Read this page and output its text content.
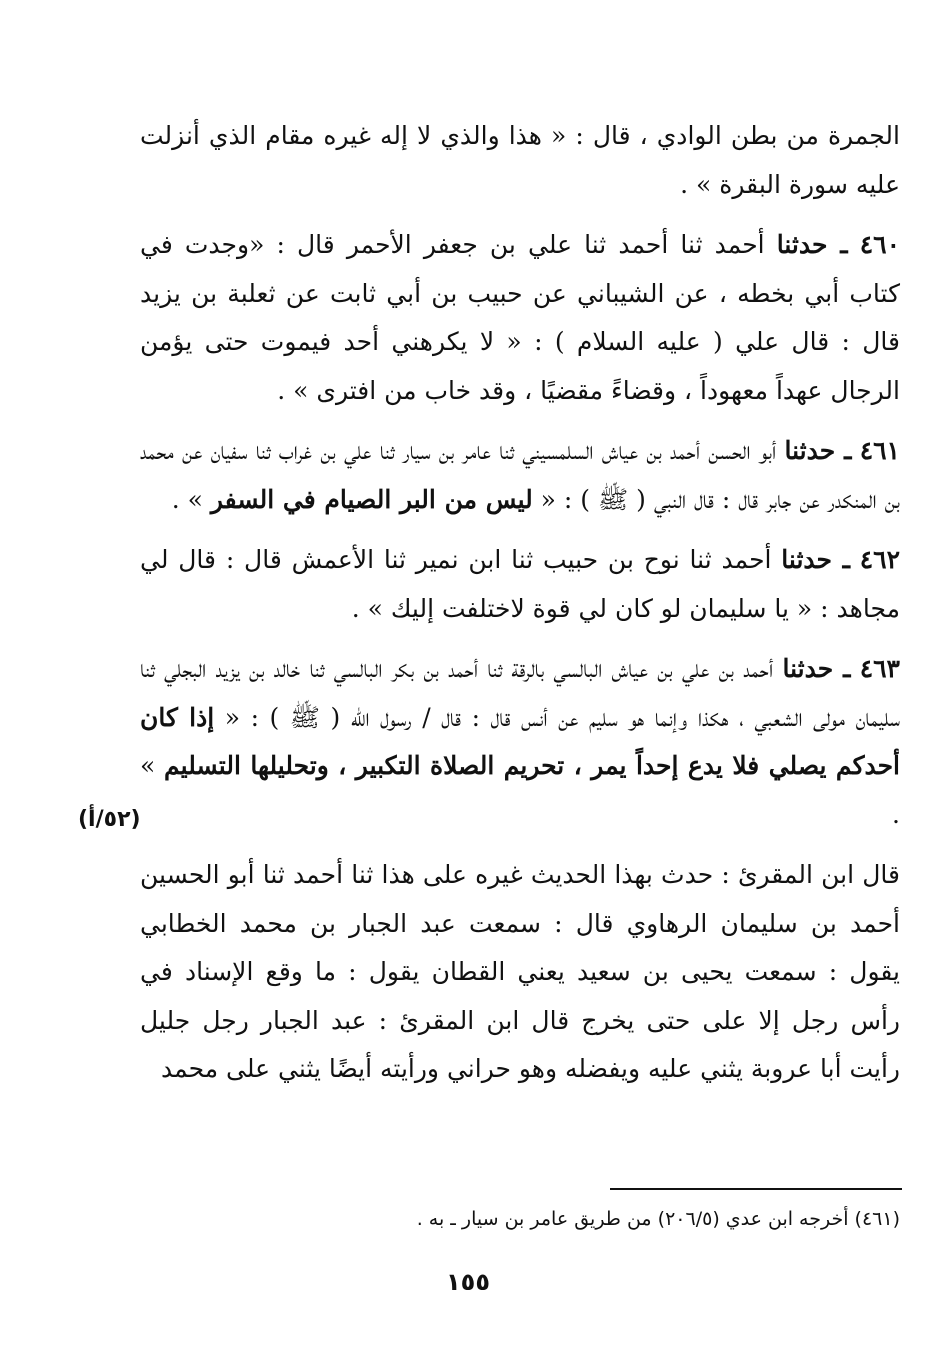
الجمرة من بطن الوادي ، قال : « هذا والذي لا إله غيره مقام الذي أنزلت عليه سورة البقرة » .

٤٦٠ ـ حدثنا أحمد ثنا أحمد ثنا علي بن جعفر الأحمر قال : «وجدت في كتاب أبي بخطه ، عن الشيباني عن حبيب بن أبي ثابت عن ثعلبة بن يزيد قال : قال علي ( عليه السلام ) : « لا يكرهني أحد فيموت حتى يؤمن الرجال عهداً معهوداً ، وقضاءً مقضيًا ، وقد خاب من افترى » .

٤٦١ ـ حدثنا أبو الحسن أحمد بن عياش السلمسيني ثنا عامر بن سيار ثنا علي بن غراب ثنا سفيان عن محمد بن المنكدر عن جابر قال : قال النبي ( ﷺ ) : « ليس من البر الصيام في السفر » .

٤٦٢ ـ حدثنا أحمد ثنا نوح بن حبيب ثنا ابن نمير ثنا الأعمش قال : قال لي مجاهد : « يا سليمان لو كان لي قوة لاختلفت إليك » .

٤٦٣ ـ حدثنا أحمد بن علي بن عياش البالسي بالرقة ثنا أحمد بن بكر البالسي ثنا خالد بن يزيد البجلي ثنا سليمان مولى الشعبي ، هكذا وإنما هو سليم عن أنس قال : قال / رسول الله ( ﷺ ) : « إذا كان أحدكم يصلي فلا يدع إحداً يمر ، تحريم الصلاة التكبير ، وتحليلها التسليم » .

قال ابن المقرئ : حدث بهذا الحديث غيره على هذا ثنا أحمد ثنا أبو الحسين أحمد بن سليمان الرهاوي قال : سمعت عبد الجبار بن محمد الخطابي يقول : سمعت يحيى بن سعيد يعني القطان يقول : ما وقع الإسناد في رأس رجل إلا على حتى يخرج قال ابن المقرئ : عبد الجبار رجل جليل رأيت أبا عروبة يثني عليه ويفضله وهو حراني ورأيته أيضًا يثني على محمد

(٥٢/أ)
(٤٦١) أخرجه ابن عدي (٢٠٦/٥) من طريق عامر بن سيار ـ به .
١٥٥
